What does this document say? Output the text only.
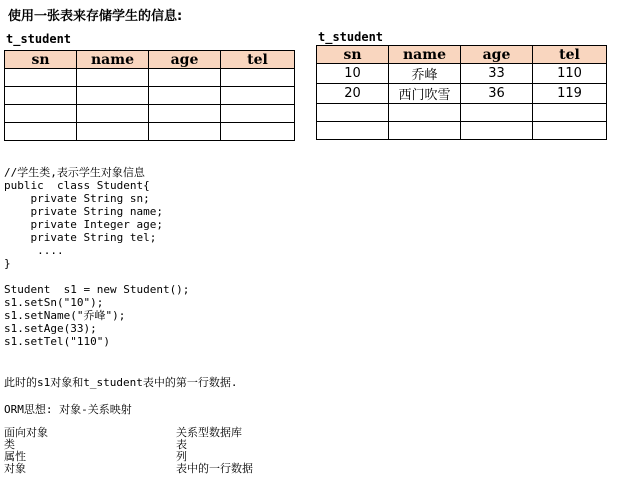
使用一张表来存储学生的信息:
t_student
sn	name	age	tel

t_student
sn	name	age	tel
10	乔峰	33	110
20	西门吹雪	36	119

//学生类,表示学生对象信息
public  class Student{
private String sn;
private String name;
private Integer age;
private String tel;
....
}
Student  s1 = new Student();
s1.setSn("10");
s1.setName("乔峰");
s1.setAge(33);
s1.setTel("110")
此时的s1对象和t_student表中的第一行数据.
ORM思想: 对象-关系映射
面向对象	关系型数据库
类	表
属性	列
对象	表中的一行数据
